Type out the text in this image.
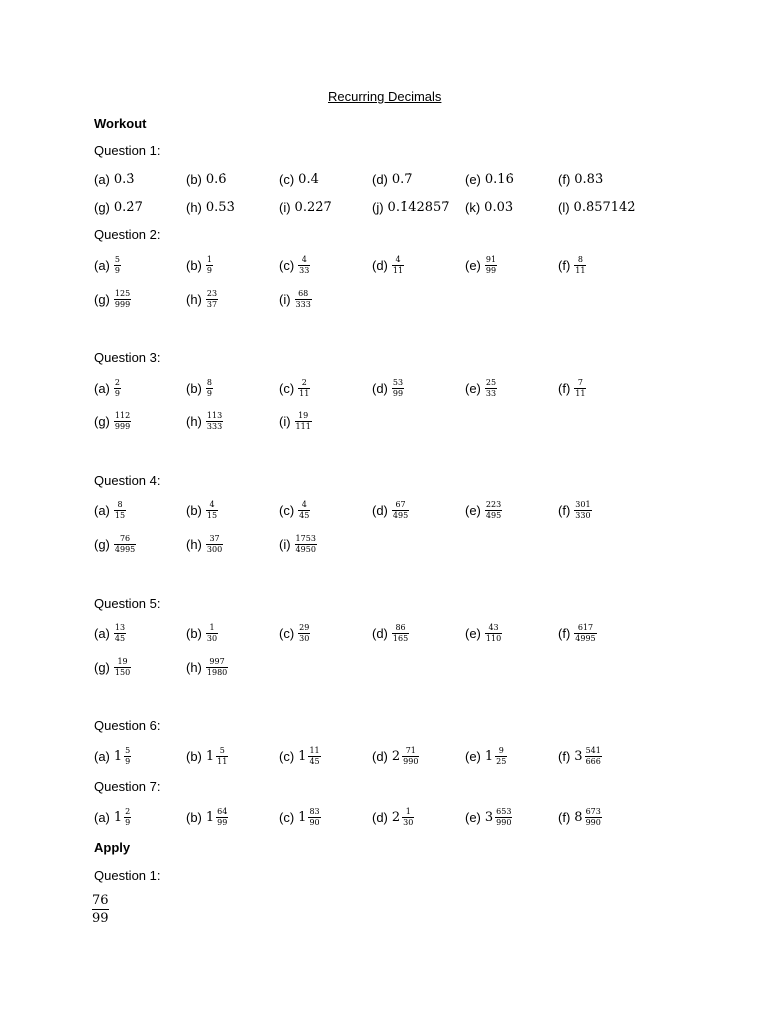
Recurring Decimals
Workout
Question 1:
(a) 0.3̇	(b) 0.6̇	(c) 0.4̇	(d) 0.7̇	(e) 0.16̇	(f) 0.83̇
(g) 0.2̇7̇	(h) 0.53̇	(i) 0.22̇7̇	(j) 0.1̇42857̇ (k) 0.03̇	(l) 0.8̇57142̇
Question 2:
$(a) \frac{5}{9}$	$(b) \frac{1}{9}$	$(c) \frac{4}{33}$	$(d) \frac{4}{11}$	$(e) \frac{91}{99}$	$(f) \frac{8}{11}$
$(g) \frac{125}{999}$	$(h) \frac{23}{37}$	$(i) \frac{68}{333}$
Question 3:
$(a) \frac{2}{9}$	$(b) \frac{8}{9}$	$(c) \frac{2}{11}$	$(d) \frac{53}{99}$	$(e) \frac{25}{33}$	$(f) \frac{7}{11}$
$(g) \frac{112}{999}$	$(h) \frac{113}{333}$	$(i) \frac{19}{111}$
Question 4:
$(a) \frac{8}{15}$	$(b) \frac{4}{15}$	$(c) \frac{4}{45}$	$(d) \frac{67}{495}$	$(e) \frac{223}{495}$	$(f) \frac{301}{330}$
$(g) \frac{76}{4995}$	$(h) \frac{37}{300}$	$(i) \frac{1753}{4950}$
Question 5:
$(a) \frac{13}{45}$	$(b) \frac{1}{30}$	$(c) \frac{29}{30}$	$(d) \frac{86}{165}$	$(e) \frac{43}{110}$	$(f) \frac{617}{4995}$
$(g) \frac{19}{150}$	$(h) \frac{997}{1980}$
Question 6:
(a) $1 \frac{5}{9}$	(b) $1 \frac{5}{11}$	(c) $1 \frac{11}{45}$	(d) $2 \frac{71}{990}$	(e) $1 \frac{9}{25}$	(f) $3 \frac{541}{666}$
Question 7:
(a) $1 \frac{2}{9}$	(b) $1 \frac{64}{99}$	(c) $1 \frac{83}{90}$	(d) $2 \frac{1}{30}$	(e) $3 \frac{653}{990}$	(f) $8 \frac{673}{990}$
Apply
Question 1:
$\frac{76}{99}$
